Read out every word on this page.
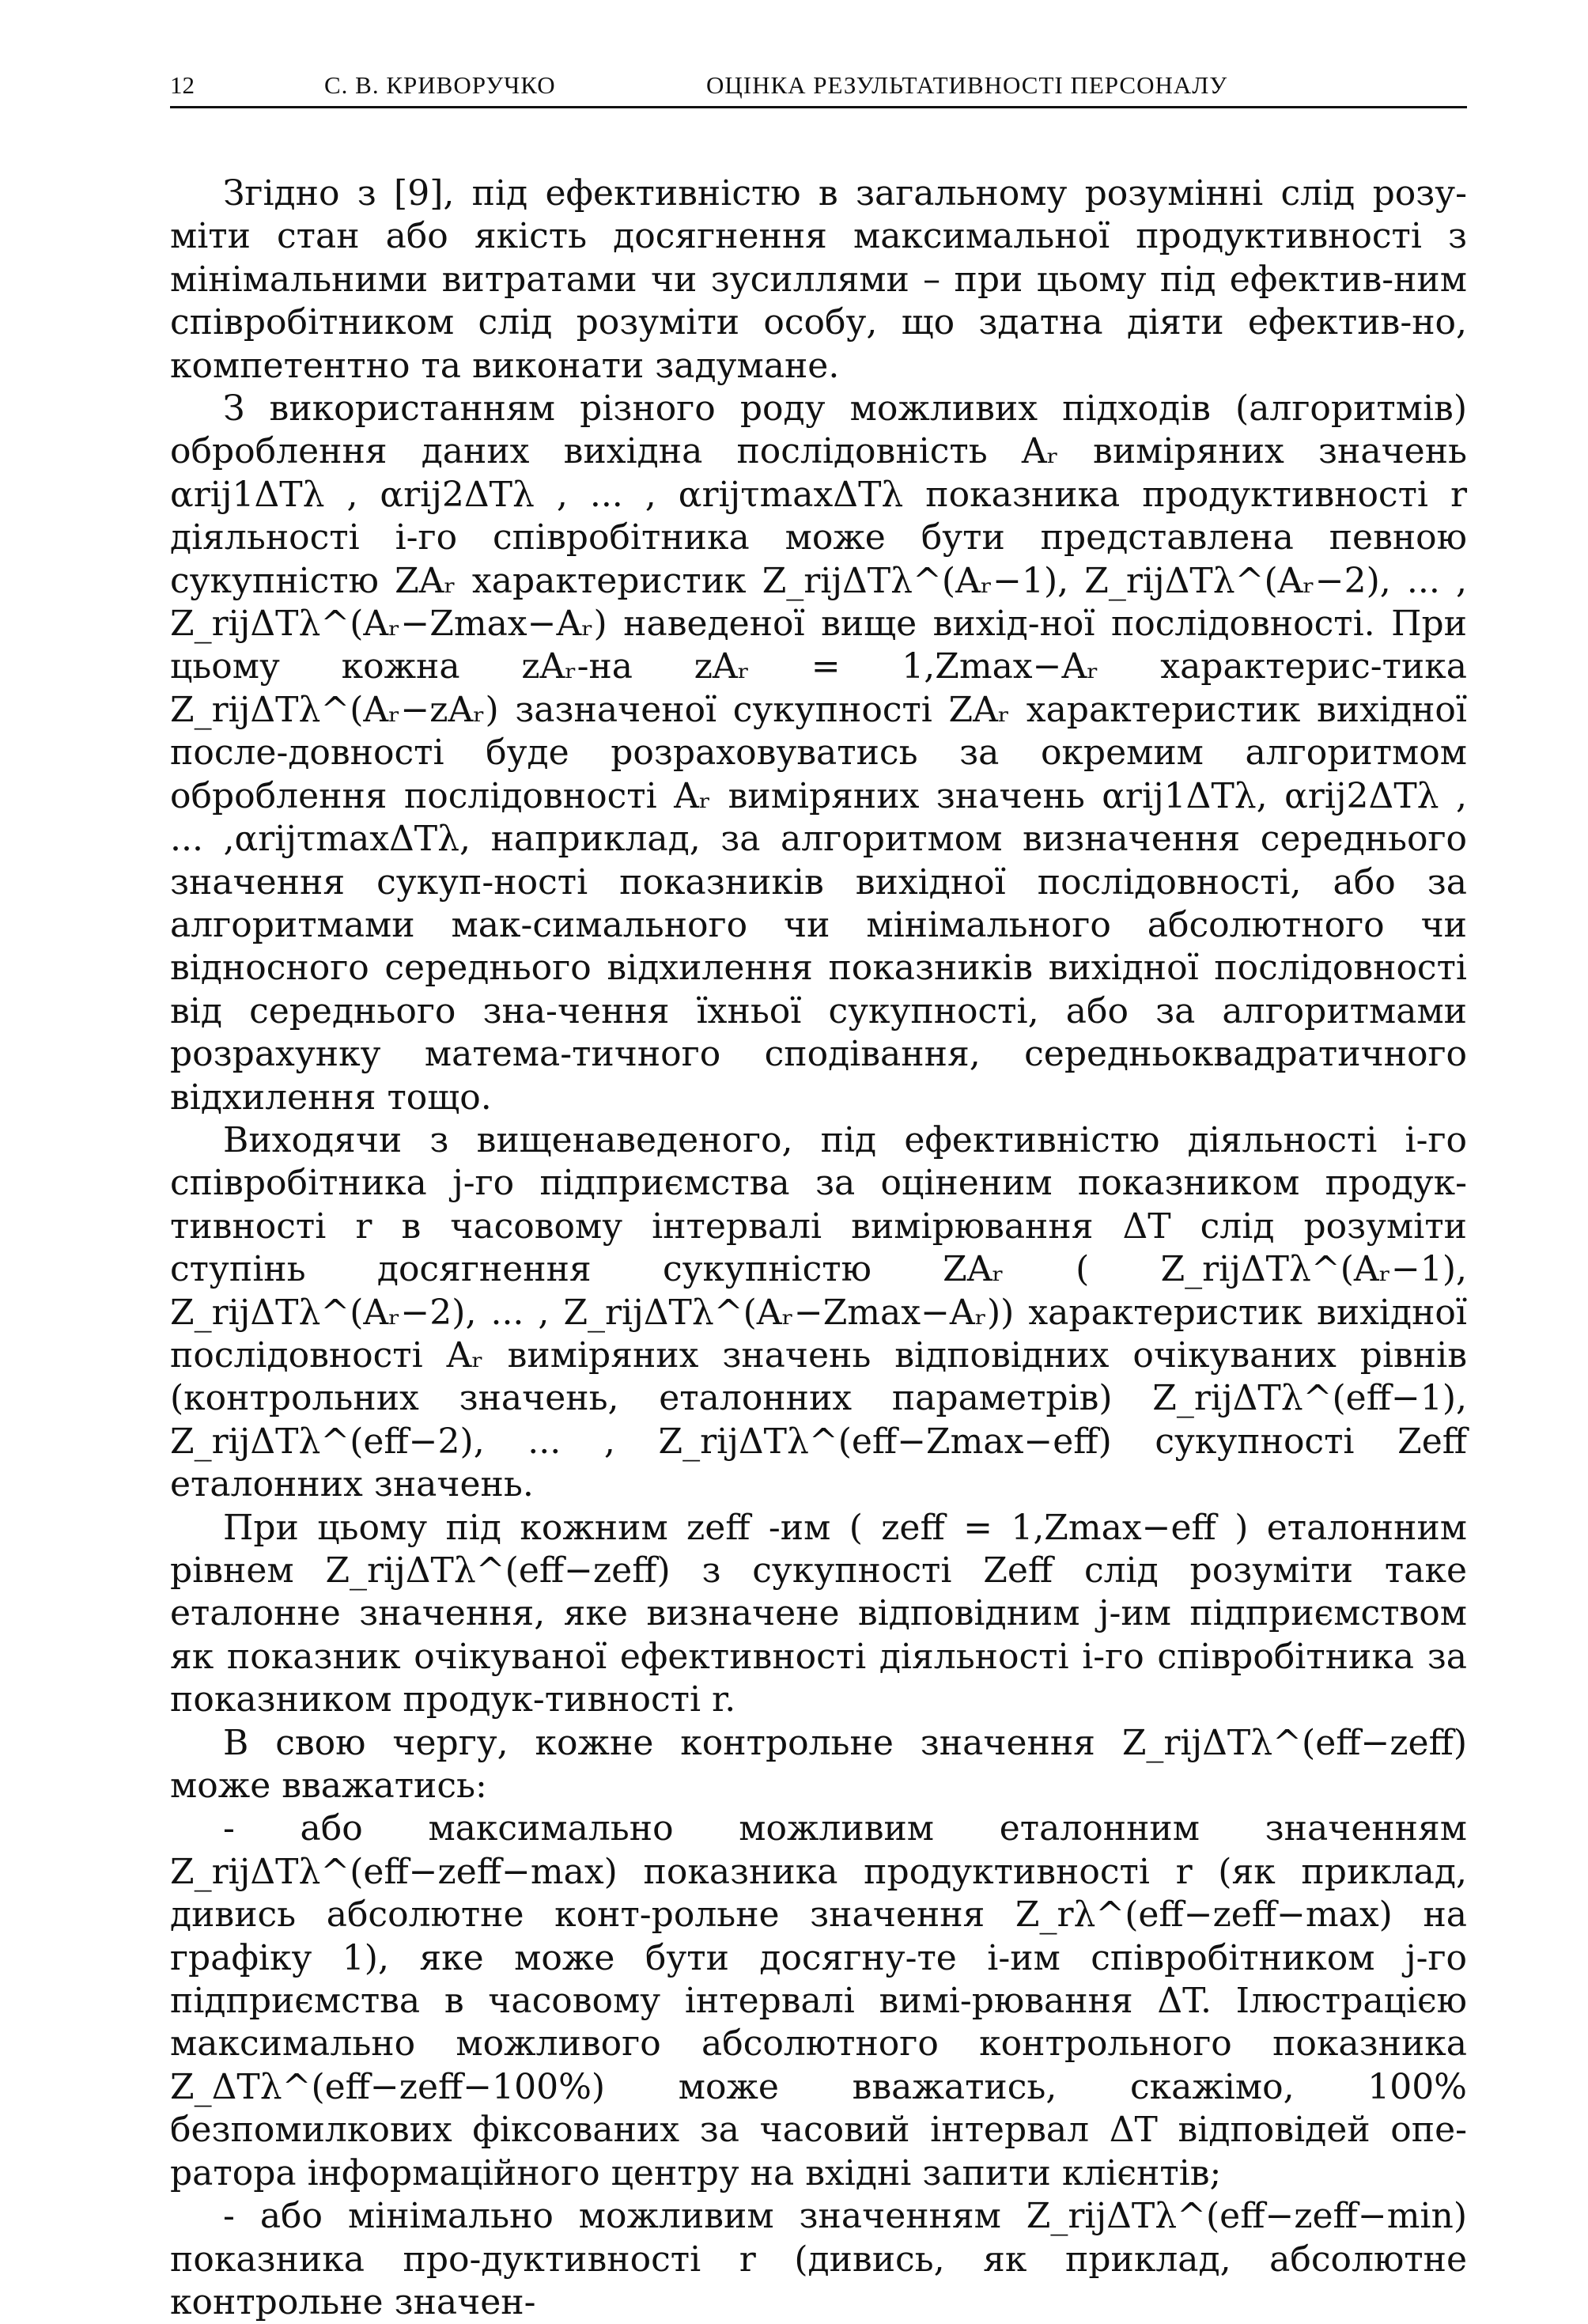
12	С. В. КРИВОРУЧКО	ОЦІНКА РЕЗУЛЬТАТИВНОСТІ ПЕРСОНАЛУ

Згідно з [9], під ефективністю в загальному розумінні слід розу-міти стан або якість досягнення максимальної продуктивності з мінімальними витратами чи зусиллями – при цьому під ефектив-ним співробітником слід розуміти особу, що здатна діяти ефектив-но, компетентно та виконати задумане.

З використанням різного роду можливих підходів (алгоритмів) оброблення даних вихідна послідовність Aᵣ виміряних значень αrij1ΔTλ , αrij2ΔTλ , ... , αrijτmaxΔTλ показника продуктивності r діяльності i-го співробітника може бути представлена певною сукупністю ZAᵣ характеристик Z_rijΔTλ^(Aᵣ−1), Z_rijΔTλ^(Aᵣ−2), ... , Z_rijΔTλ^(Aᵣ−Zmax−Aᵣ) наведеної вище вихід-ної послідовності. При цьому кожна zAᵣ-на zAᵣ = 1,Zmax−Aᵣ характерис-тика Z_rijΔTλ^(Aᵣ−zAᵣ) зазначеної сукупності ZAᵣ характеристик вихідної после-довності буде розраховуватись за окремим алгоритмом оброблення послідовності Aᵣ виміряних значень αrij1ΔTλ, αrij2ΔTλ , ... ,αrijτmaxΔTλ, наприклад, за алгоритмом визначення середнього значення сукуп-ності показників вихідної послідовності, або за алгоритмами мак-симального чи мінімального абсолютного чи відносного середнього відхилення показників вихідної послідовності від середнього зна-чення їхньої сукупності, або за алгоритмами розрахунку матема-тичного сподівання, середньоквадратичного відхилення тощо.

Виходячи з вищенаведеного, під ефективністю діяльності i-го співробітника j-го підприємства за оціненим показником продук-тивності r в часовому інтервалі вимірювання ΔT слід розуміти ступінь досягнення сукупністю ZAᵣ ( Z_rijΔTλ^(Aᵣ−1), Z_rijΔTλ^(Aᵣ−2), ... , Z_rijΔTλ^(Aᵣ−Zmax−Aᵣ)) характеристик вихідної послідовності Aᵣ виміряних значень відповідних очікуваних рівнів (контрольних значень, еталонних параметрів) Z_rijΔTλ^(eff−1), Z_rijΔTλ^(eff−2), ... , Z_rijΔTλ^(eff−Zmax−eff) сукупності Zeff еталонних значень.

При цьому під кожним zeff -им ( zeff = 1,Zmax−eff ) еталонним рівнем Z_rijΔTλ^(eff−zeff) з сукупності Zeff слід розуміти таке еталонне значення, яке визначене відповідним j-им підприємством як показник очікуваної ефективності діяльності i-го співробітника за показником продук-тивності r.

В свою чергу, кожне контрольне значення Z_rijΔTλ^(eff−zeff) може вважатись:

- або максимально можливим еталонним значенням Z_rijΔTλ^(eff−zeff−max) показника продуктивності r (як приклад, дивись абсолютне конт-рольне значення Z_rλ^(eff−zeff−max) на графіку 1), яке може бути досягну-те i-им співробітником j-го підприємства в часовому інтервалі вимі-рювання ΔT. Ілюстрацією максимально можливого абсолютного контрольного показника Z_ΔTλ^(eff−zeff−100%) може вважатись, скажімо, 100% безпомилкових фіксованих за часовий інтервал ΔT відповідей опе-ратора інформаційного центру на вхідні запити клієнтів;

- або мінімально можливим значенням Z_rijΔTλ^(eff−zeff−min) показника про-дуктивності r (дивись, як приклад, абсолютне контрольне значен-
